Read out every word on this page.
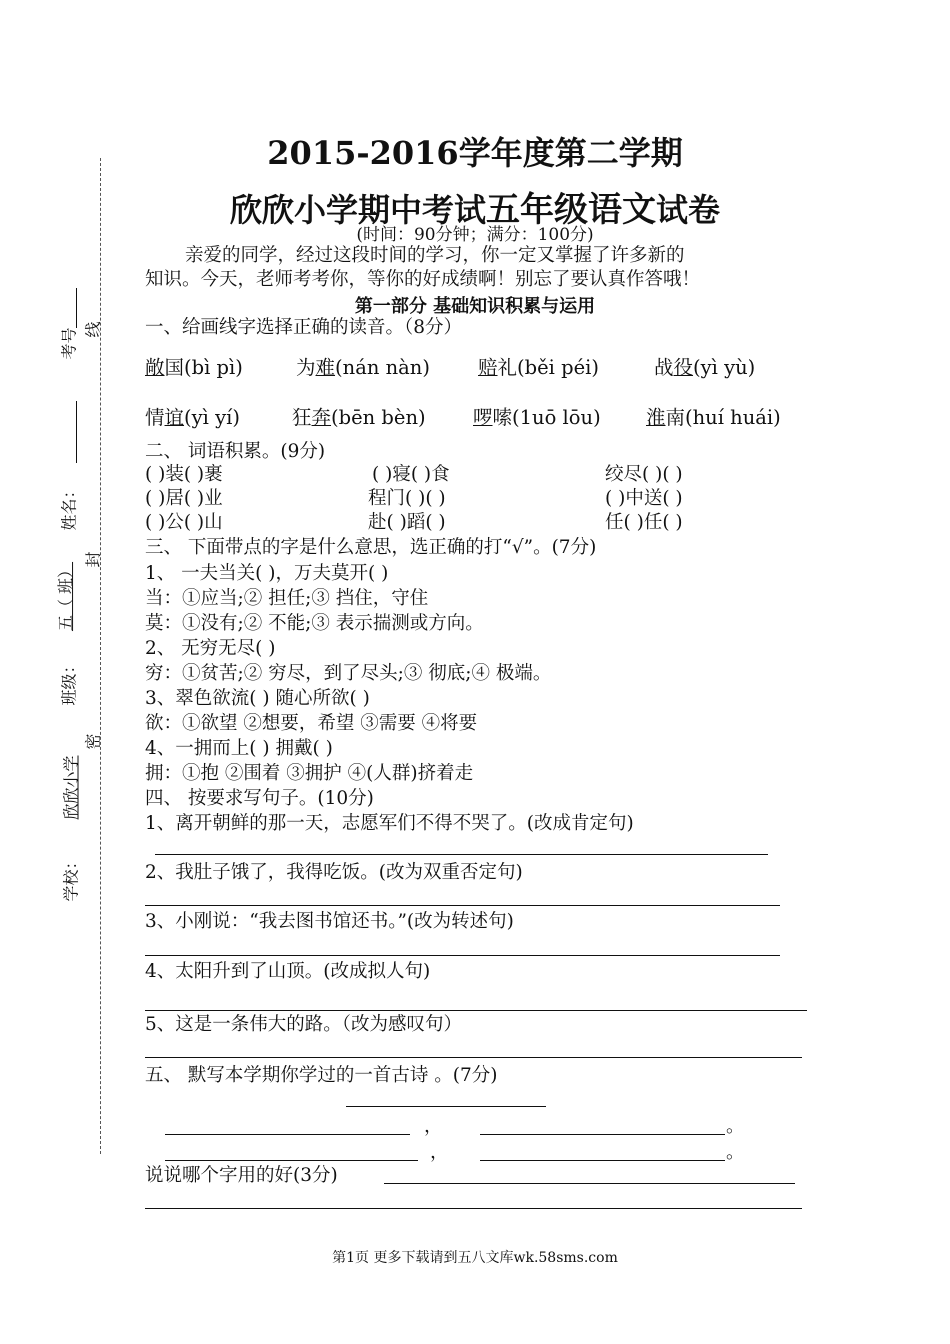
学校：
欣欣小学
密
班级：
五（ 班）
封
姓名：
考号 线
2015-2016学年度第二学期
欣欣小学期中考试五年级语文试卷
(时间：90分钟；满分：100分)
亲爱的同学，经过这段时间的学习，你一定又掌握了许多新的
知识。今天，老师考考你，等你的好成绩啊！别忘了要认真作答哦！
第一部分 基础知识积累与运用
一、给画线字选择正确的读音。（8分）
敞国(bì pì)	为难(nán nàn) 赔礼(běi péi)	战役(yì yù)
情谊(yì yí)	狂奔(bēn bèn) 啰嗦(1uō lōu) 淮南(huí huái)
二、 词语积累。(9分)
( )装( )裹	( )寝( )食	绞尽( )( )
( )居( )业	程门( )( )	( )中送( )
( )公( )山	赴( )蹈( )	任( )任( )
三、 下面带点的字是什么意思，选正确的打“√”。(7分)
1、 一夫当关( )，万夫莫开( )
当：①应当;② 担任;③ 挡住，守住
莫：①没有;② 不能;③ 表示揣测或方向。
2、 无穷无尽( )
穷：①贫苦;② 穷尽，到了尽头;③ 彻底;④ 极端。
3、翠色欲流( ) 随心所欲( )
欲：①欲望 ②想要，希望 ③需要 ④将要
4、一拥而上( ) 拥戴( )
拥：①抱 ②围着 ③拥护 ④(人群)挤着走
四、 按要求写句子。(10分)
1、离开朝鲜的那一天，志愿军们不得不哭了。(改成肯定句)
2、我肚子饿了，我得吃饭。(改为双重否定句)
3、小刚说：“我去图书馆还书。”(改为转述句)
4、太阳升到了山顶。(改成拟人句)
5、这是一条伟大的路。（改为感叹句）
五、 默写本学期你学过的一首古诗 。(7分)
，	。
，	。
说说哪个字用的好(3分)
第1页 更多下载请到五八文库wk.58sms.com
